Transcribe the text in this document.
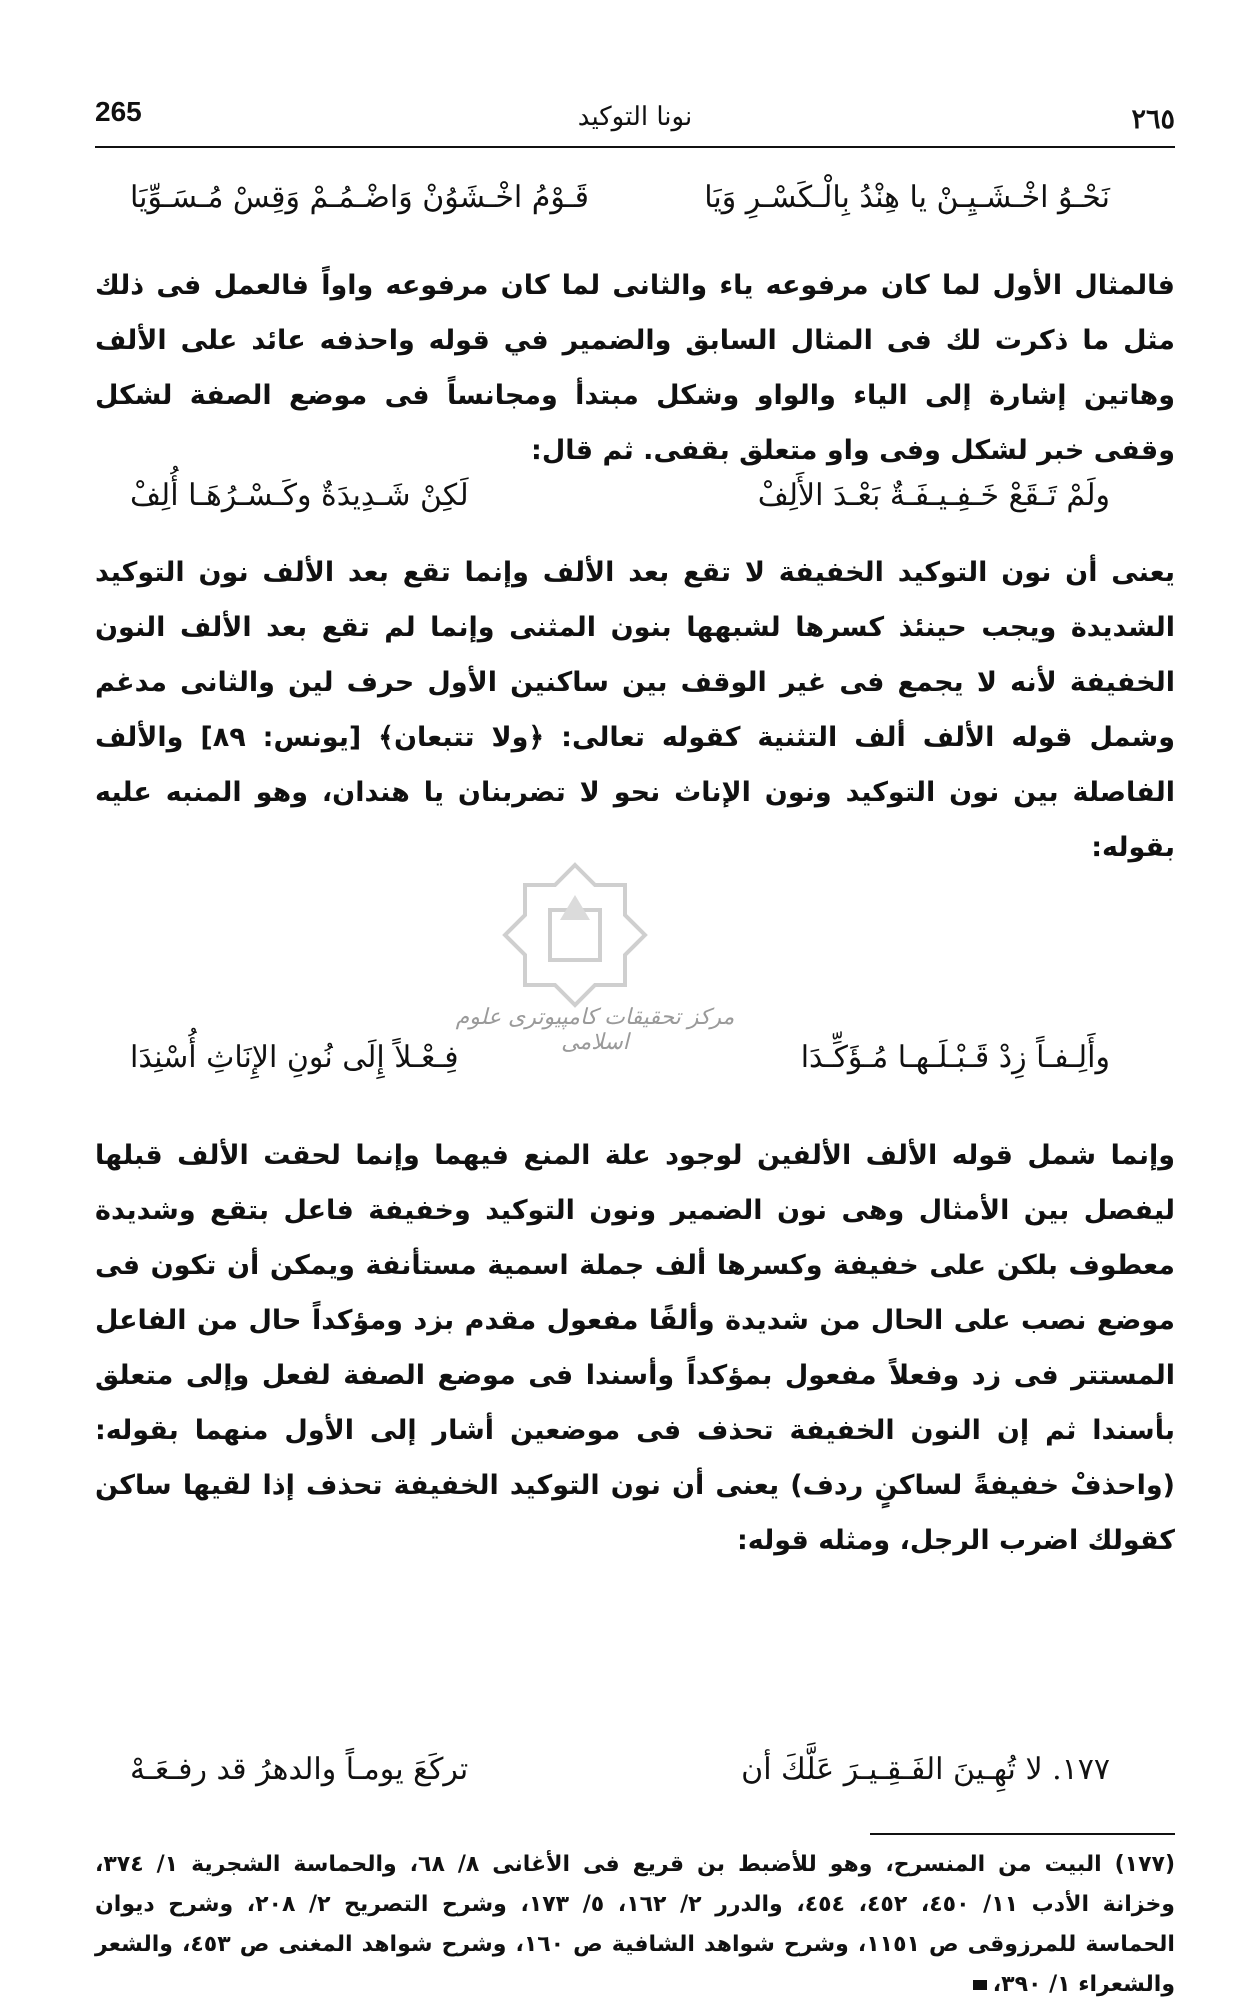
265	نونا التوكيد	٢٦٥
نَحْـوُ اخْـشَـيِـنْ يا هِنْدُ بِالْـكَسْـرِ وَيَا
قَـوْمُ اخْـشَوُنْ وَاضْـمُـمْ وَقِسْ مُـسَـوِّيَا

فالمثال الأول لما كان مرفوعه ياء والثانى لما كان مرفوعه واواً فالعمل فى ذلك مثل ما ذكرت لك فى المثال السابق والضمير في قوله واحذفه عائد على الألف وهاتين إشارة إلى الياء والواو وشكل مبتدأ ومجانساً فى موضع الصفة لشكل وقفى خبر لشكل وفى واو متعلق بقفى. ثم قال:

ولَمْ تَـقَعْ خَـفِـيـفَـةٌ بَعْـدَ الأَلِفْ
لَكِنْ شَـدِيدَةٌ وكَـسْـرُهَـا أُلِفْ

يعنى أن نون التوكيد الخفيفة لا تقع بعد الألف وإنما تقع بعد الألف نون التوكيد الشديدة ويجب حينئذ كسرها لشبهها بنون المثنى وإنما لم تقع بعد الألف النون الخفيفة لأنه لا يجمع فى غير الوقف بين ساكنين الأول حرف لين والثانى مدغم وشمل قوله الألف ألف التثنية كقوله تعالى: ﴿ولا تتبعان﴾ [يونس: ٨٩] والألف الفاصلة بين نون التوكيد ونون الإناث نحو لا تضربنان يا هندان، وهو المنبه عليه بقوله:

مرکز تحقیقات کامپیوتری علوم اسلامی	وأَلِـفـاً زِدْ قَـبْـلَـهـا مُـؤَكِّـدَا
فِـعْـلاً إِلَى نُونِ الإِنَاثِ أُسْنِدَا

وإنما شمل قوله الألف الألفين لوجود علة المنع فيهما وإنما لحقت الألف قبلها ليفصل بين الأمثال وهى نون الضمير ونون التوكيد وخفيفة فاعل بتقع وشديدة معطوف بلكن على خفيفة وكسرها ألف جملة اسمية مستأنفة ويمكن أن تكون فى موضع نصب على الحال من شديدة وألفًا مفعول مقدم بزد ومؤكداً حال من الفاعل المستتر فى زد وفعلاً مفعول بمؤكداً وأسندا فى موضع الصفة لفعل وإلى متعلق بأسندا ثم إن النون الخفيفة تحذف فى موضعين أشار إلى الأول منهما بقوله: (واحذفْ خفيفةً لساكنٍ ردف) يعنى أن نون التوكيد الخفيفة تحذف إذا لقيها ساكن كقولك اضرب الرجل، ومثله قوله:

١٧٧. لا تُهِـينَ الفَـقِـيـرَ عَلَّكَ أن
تركَعَ يومـاً والدهرُ قد رفـعَـهْ

(١٧٧) البيت من المنسرح، وهو للأضبط بن قريع فى الأغانى ٨/ ٦٨، والحماسة الشجرية ١/ ٣٧٤، وخزانة الأدب ١١/ ٤٥٠، ٤٥٢، ٤٥٤، والدرر ٢/ ١٦٢، ٥/ ١٧٣، وشرح التصريح ٢/ ٢٠٨، وشرح ديوان الحماسة للمرزوقى ص ١١٥١، وشرح شواهد الشافية ص ١٦٠، وشرح شواهد المغنى ص ٤٥٣، والشعر والشعراء ١/ ٣٩٠،
